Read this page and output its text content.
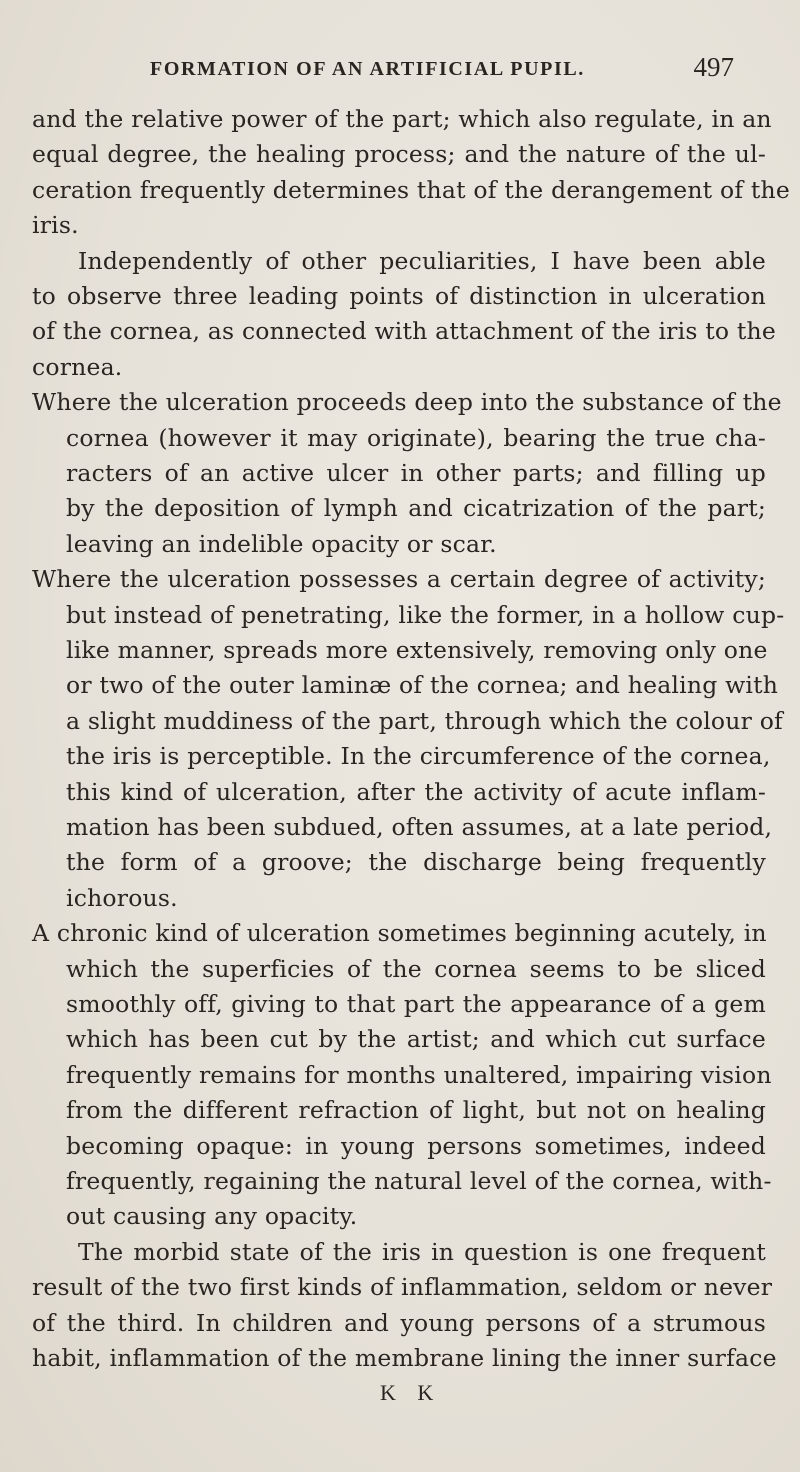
FORMATION OF AN ARTIFICIAL PUPIL.	497
and the relative power of the part; which also regulate, in an
equal degree, the healing process; and the nature of the ul-
ceration frequently determines that of the derangement of the
iris.
Independently of other peculiarities, I have been able
to observe three leading points of distinction in ulceration
of the cornea, as connected with attachment of the iris to the
cornea.
Where the ulceration proceeds deep into the substance of the
cornea (however it may originate), bearing the true cha-
racters of an active ulcer in other parts; and filling up
by the deposition of lymph and cicatrization of the part;
leaving an indelible opacity or scar.
Where the ulceration possesses a certain degree of activity;
but instead of penetrating, like the former, in a hollow cup-
like manner, spreads more extensively, removing only one
or two of the outer laminæ of the cornea; and healing with
a slight muddiness of the part, through which the colour of
the iris is perceptible. In the circumference of the cornea,
this kind of ulceration, after the activity of acute inflam-
mation has been subdued, often assumes, at a late period,
the form of a groove; the discharge being frequently
ichorous.
A chronic kind of ulceration sometimes beginning acutely, in
which the superficies of the cornea seems to be sliced
smoothly off, giving to that part the appearance of a gem
which has been cut by the artist; and which cut surface
frequently remains for months unaltered, impairing vision
from the different refraction of light, but not on healing
becoming opaque: in young persons sometimes, indeed
frequently, regaining the natural level of the cornea, with-
out causing any opacity.
The morbid state of the iris in question is one frequent
result of the two first kinds of inflammation, seldom or never
of the third. In children and young persons of a strumous
habit, inflammation of the membrane lining the inner surface
K K
